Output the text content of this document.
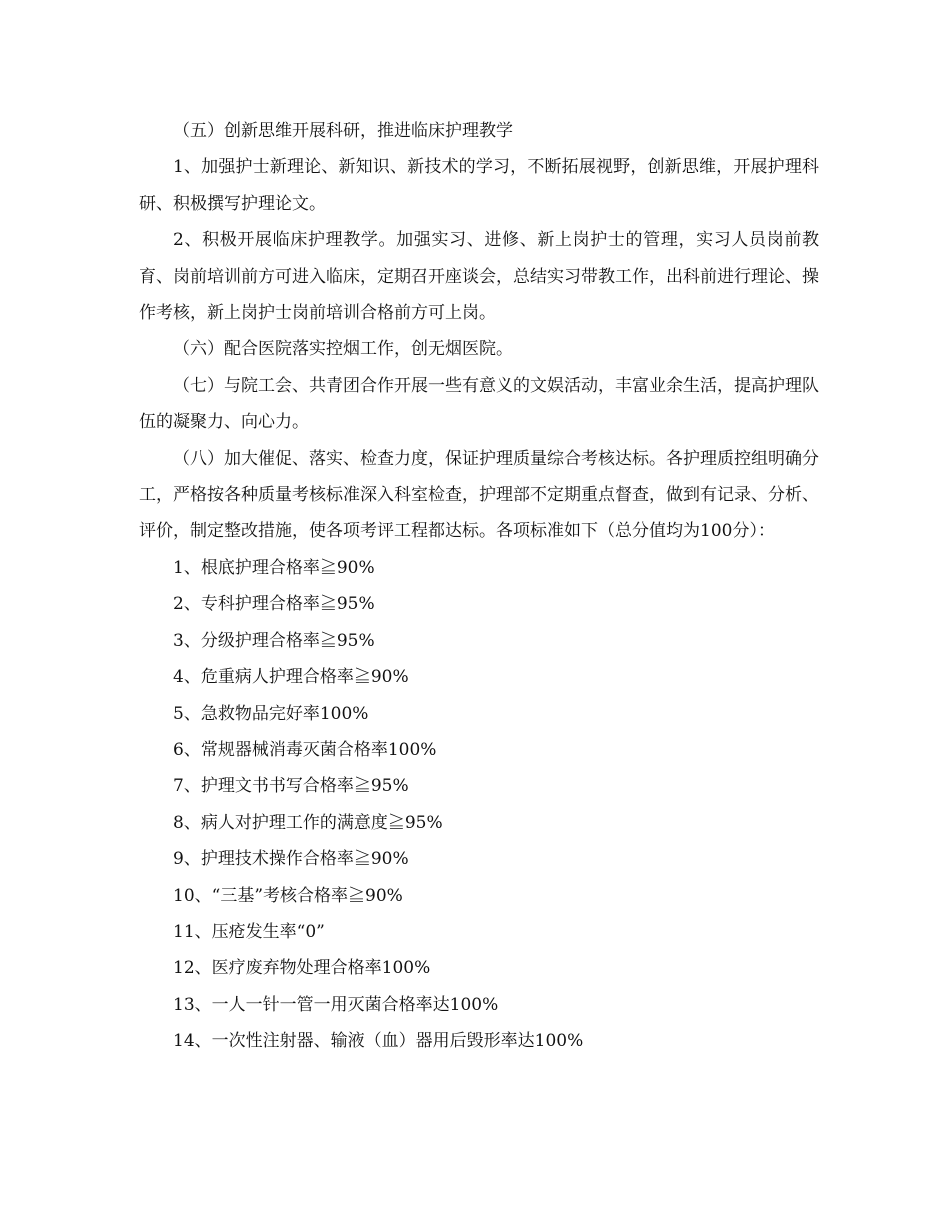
（五）创新思维开展科研，推进临床护理教学

1、加强护士新理论、新知识、新技术的学习，不断拓展视野，创新思维，开展护理科研、积极撰写护理论文。

2、积极开展临床护理教学。加强实习、进修、新上岗护士的管理，实习人员岗前教育、岗前培训前方可进入临床，定期召开座谈会，总结实习带教工作，出科前进行理论、操作考核，新上岗护士岗前培训合格前方可上岗。

（六）配合医院落实控烟工作，创无烟医院。

（七）与院工会、共青团合作开展一些有意义的文娱活动，丰富业余生活，提高护理队伍的凝聚力、向心力。

（八）加大催促、落实、检查力度，保证护理质量综合考核达标。各护理质控组明确分工，严格按各种质量考核标准深入科室检查，护理部不定期重点督查，做到有记录、分析、评价，制定整改措施，使各项考评工程都达标。各项标准如下（总分值均为100分）：

1、根底护理合格率≧90%

2、专科护理合格率≧95%

3、分级护理合格率≧95%

4、危重病人护理合格率≧90%

5、急救物品完好率100%

6、常规器械消毒灭菌合格率100%

7、护理文书书写合格率≧95%

8、病人对护理工作的满意度≧95%

9、护理技术操作合格率≧90%

10、“三基”考核合格率≧90%

11、压疮发生率“0”

12、医疗废弃物处理合格率100%

13、一人一针一管一用灭菌合格率达100%

14、一次性注射器、输液（血）器用后毁形率达100%
